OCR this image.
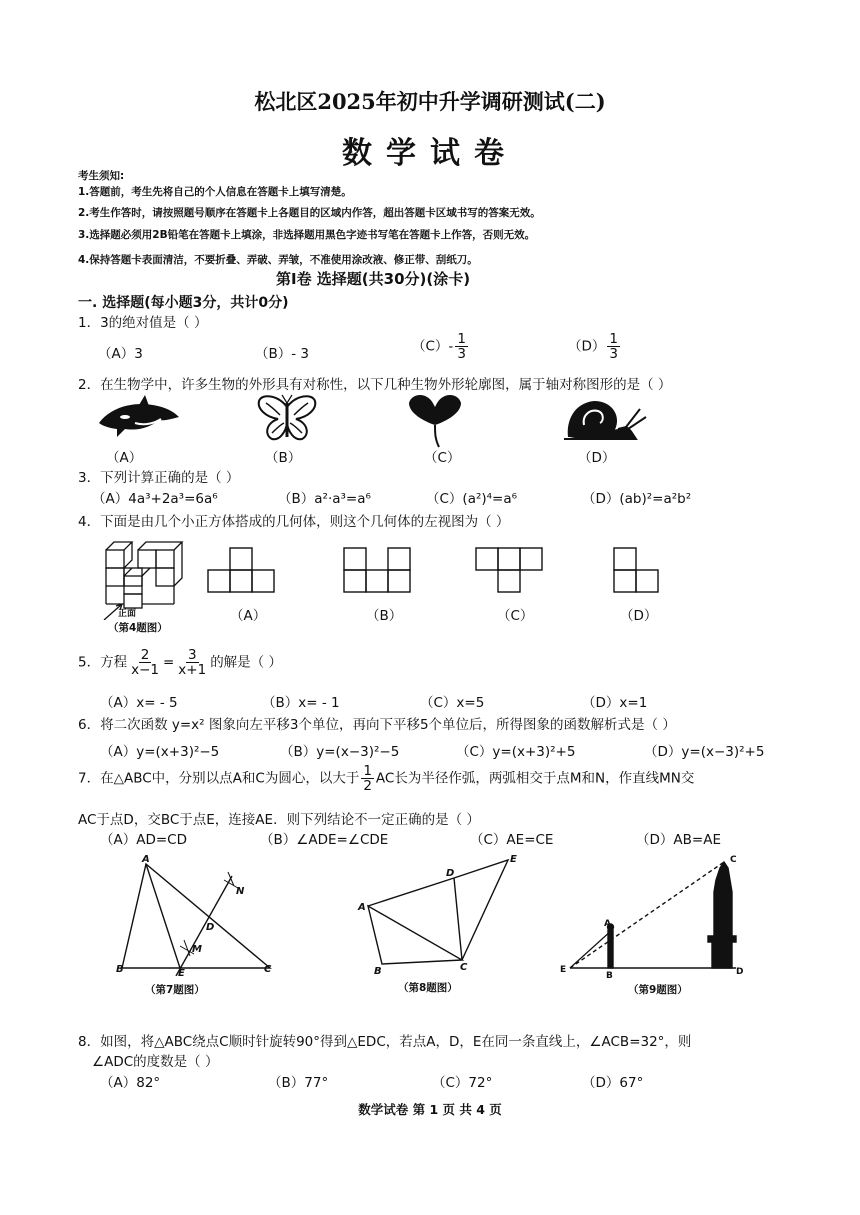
松北区2025年初中升学调研测试(二)
数学试卷
考生须知:
1.答题前，考生先将自己的个人信息在答题卡上填写清楚。
2.考生作答时，请按照题号顺序在答题卡上各题目的区域内作答，超出答题卡区域书写的答案无效。
3.选择题必须用2B铅笔在答题卡上填涂，非选择题用黑色字迹书写笔在答题卡上作答，否则无效。
4.保持答题卡表面清洁，不要折叠、弄破、弄皱，不准使用涂改液、修正带、刮纸刀。
第Ⅰ卷 选择题(共30分)(涂卡)
一. 选择题(每小题3分，共计0分)
1．3的绝对值是（ ）
（A）3	（B）- 3	$(C)- \frac{1}{3}$	$(D) \frac{1}{3}$
2．在生物学中，许多生物的外形具有对称性，以下几种生物外形轮廓图，属于轴对称图形的是（ ）
（A）	（B）	（C）	（D）
3．下列计算正确的是（ ）
（A）4a³+2a³=6a⁶	（B）a²·a³=a⁶	（C）(a²)⁴=a⁶	（D）(ab)²=a²b²
4．下面是由几个小正方体搭成的几何体，则这个几何体的左视图为（ ）
正面
（第4题图）
（A）	（B）	（C）	（D）
5．方程 $\frac{2}{x-1} = \frac{3}{x+1}$ 的解是（ ）
（A）x= - 5	（B）x= - 1	（C）x=5	（D）x=1
6．将二次函数 y=x² 图象向左平移3个单位，再向下平移5个单位后，所得图象的函数解析式是（ ）
（A）y=(x+3)²−5	（B）y=(x−3)²−5	（C）y=(x+3)²+5	（D）y=(x−3)²+5
7．在△ABC中，分别以点A和C为圆心，以大于 $\frac{1}{2}$ AC长为半径作弧，两弧相交于点M和N，作直线MN交
AC于点D，交BC于点E，连接AE．则下列结论不一定正确的是（ ）
（A）AD=CD	（B）∠ADE=∠CDE	（C）AE=CE	（D）AB=AE
A
B	C
D
E
M
N
（第7题图）
A
B	C
D
E
（第8题图）
E
B
A
C
D
（第9题图）
8．如图，将△ABC绕点C顺时针旋转90°得到△EDC，若点A，D，E在同一条直线上，∠ACB=32°，则
∠ADC的度数是（ ）
（A）82°	（B）77°	（C）72°	（D）67°
数学试卷 第 1 页 共 4 页
